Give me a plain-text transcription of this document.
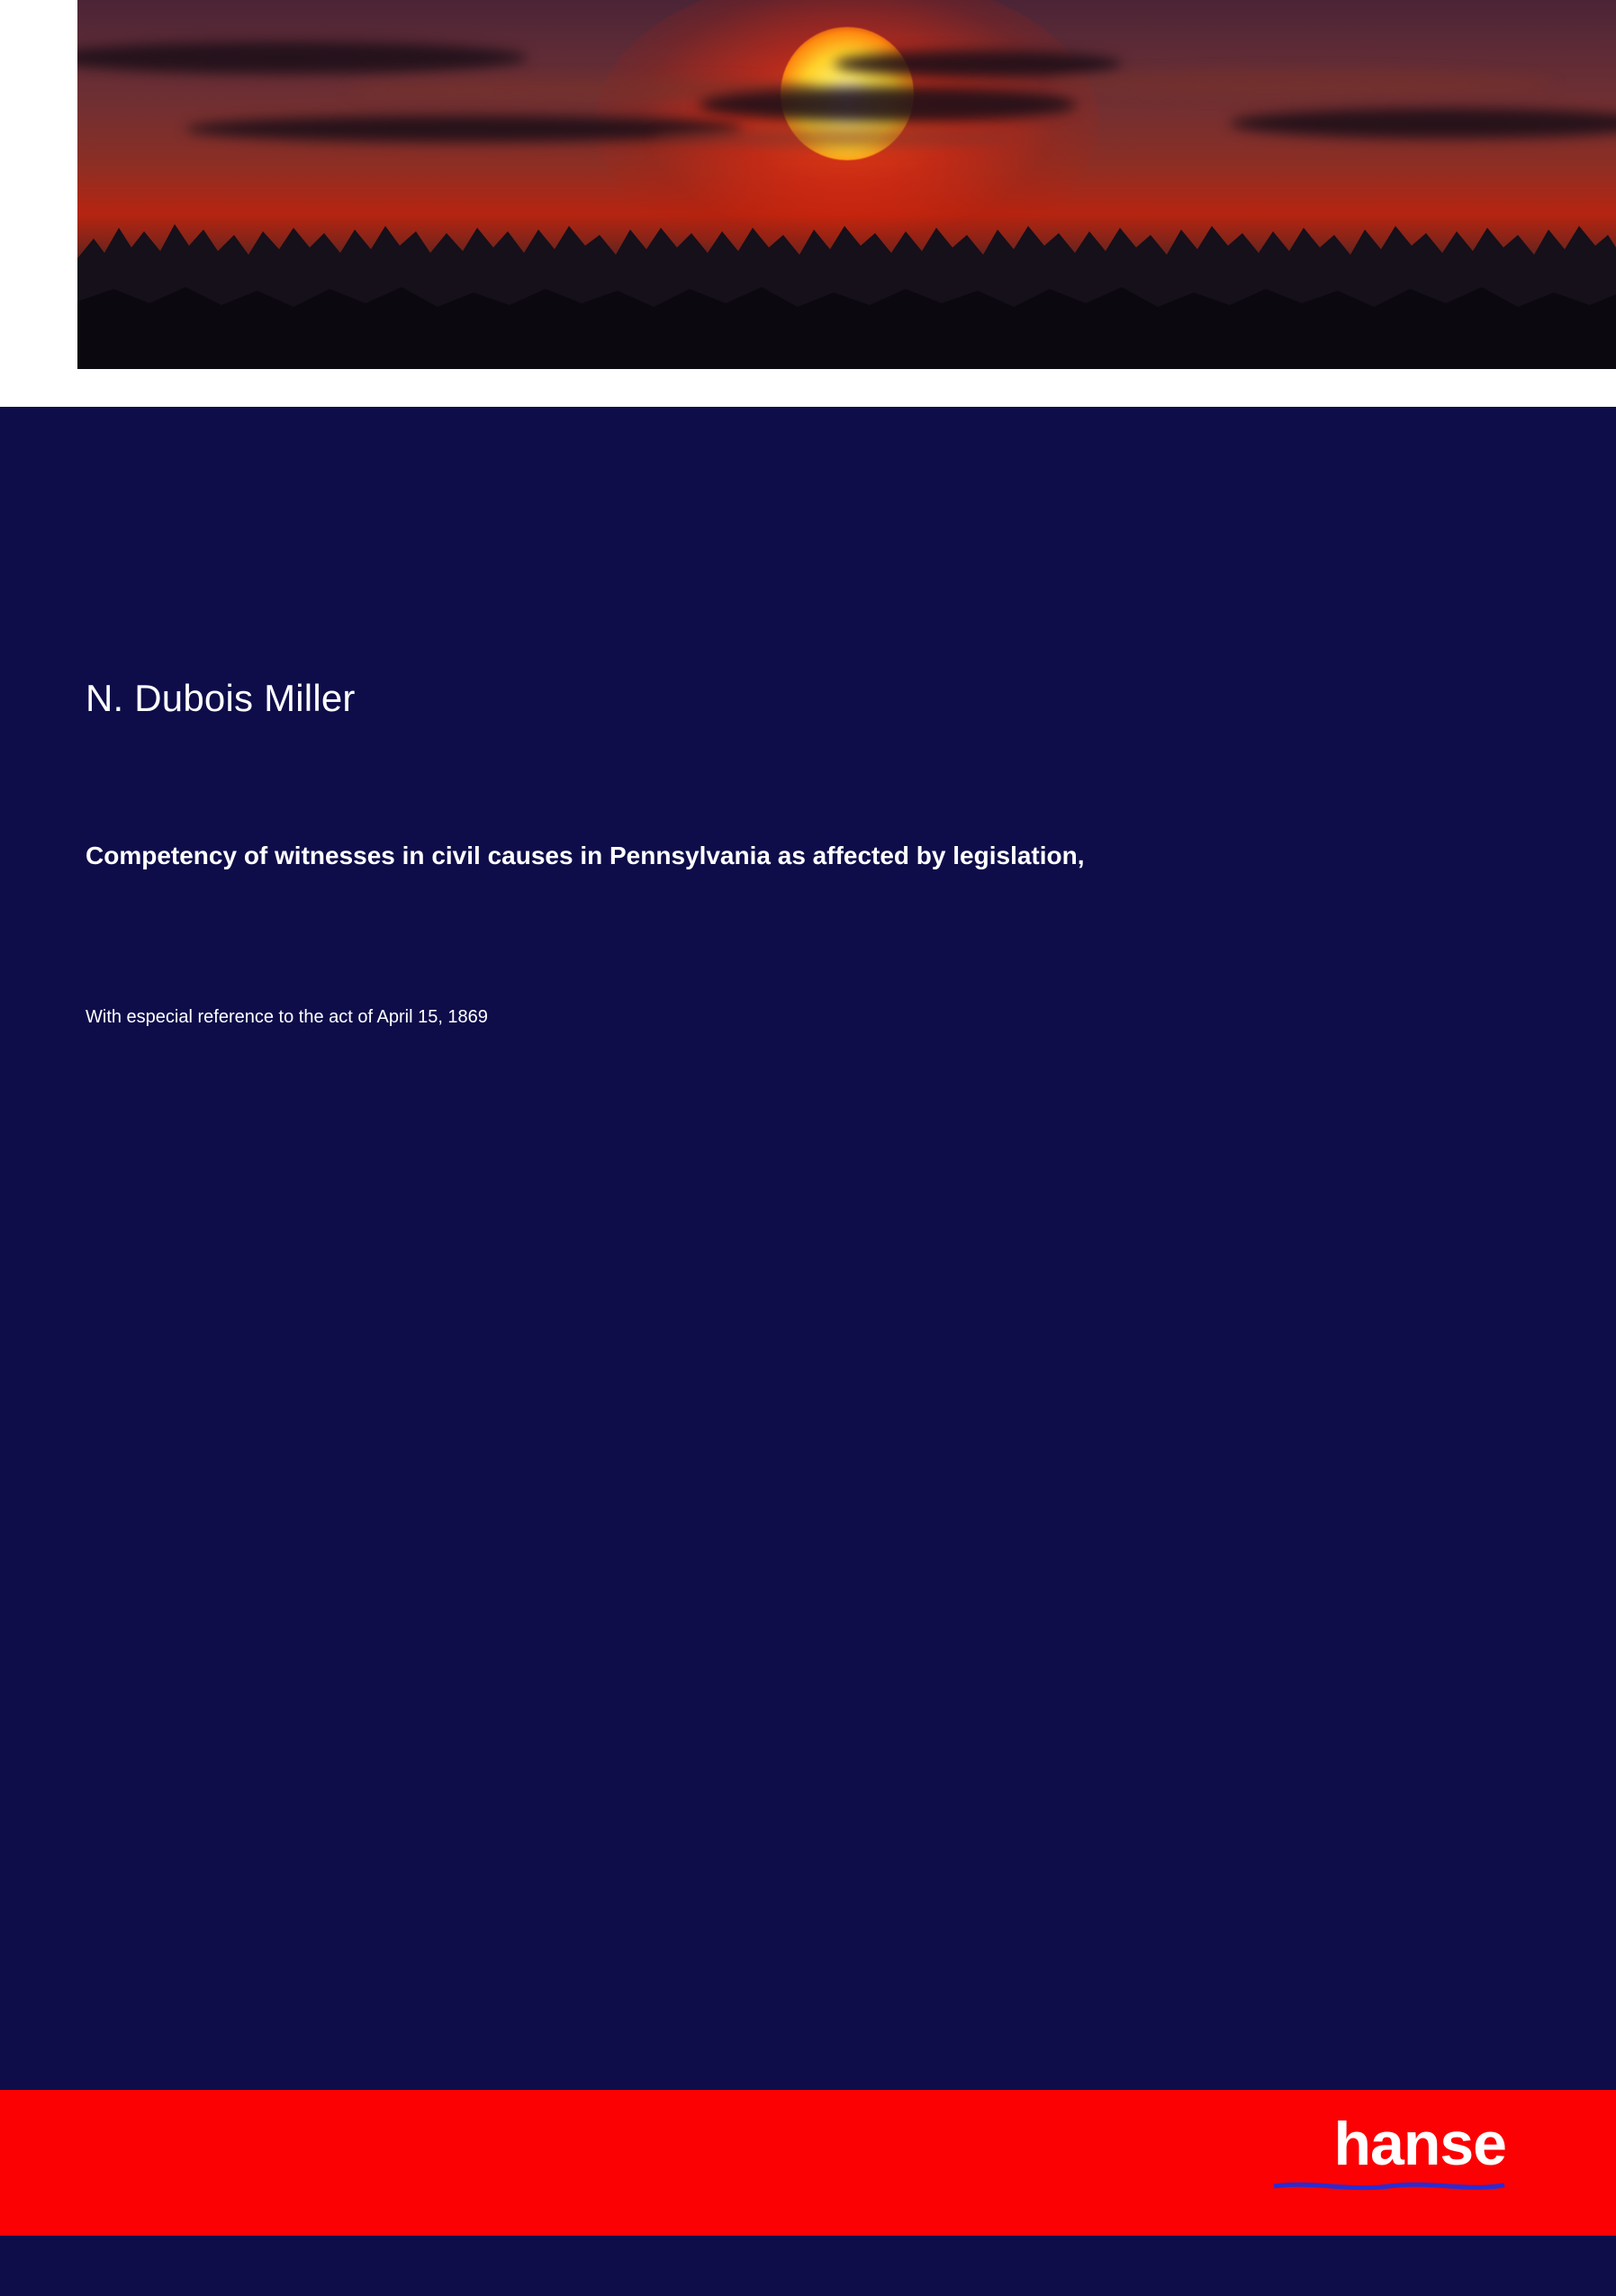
N. Dubois Miller
Competency of witnesses in civil causes in Pennsylvania as affected by legislation,
With especial reference to the act of April 15, 1869
hanse
